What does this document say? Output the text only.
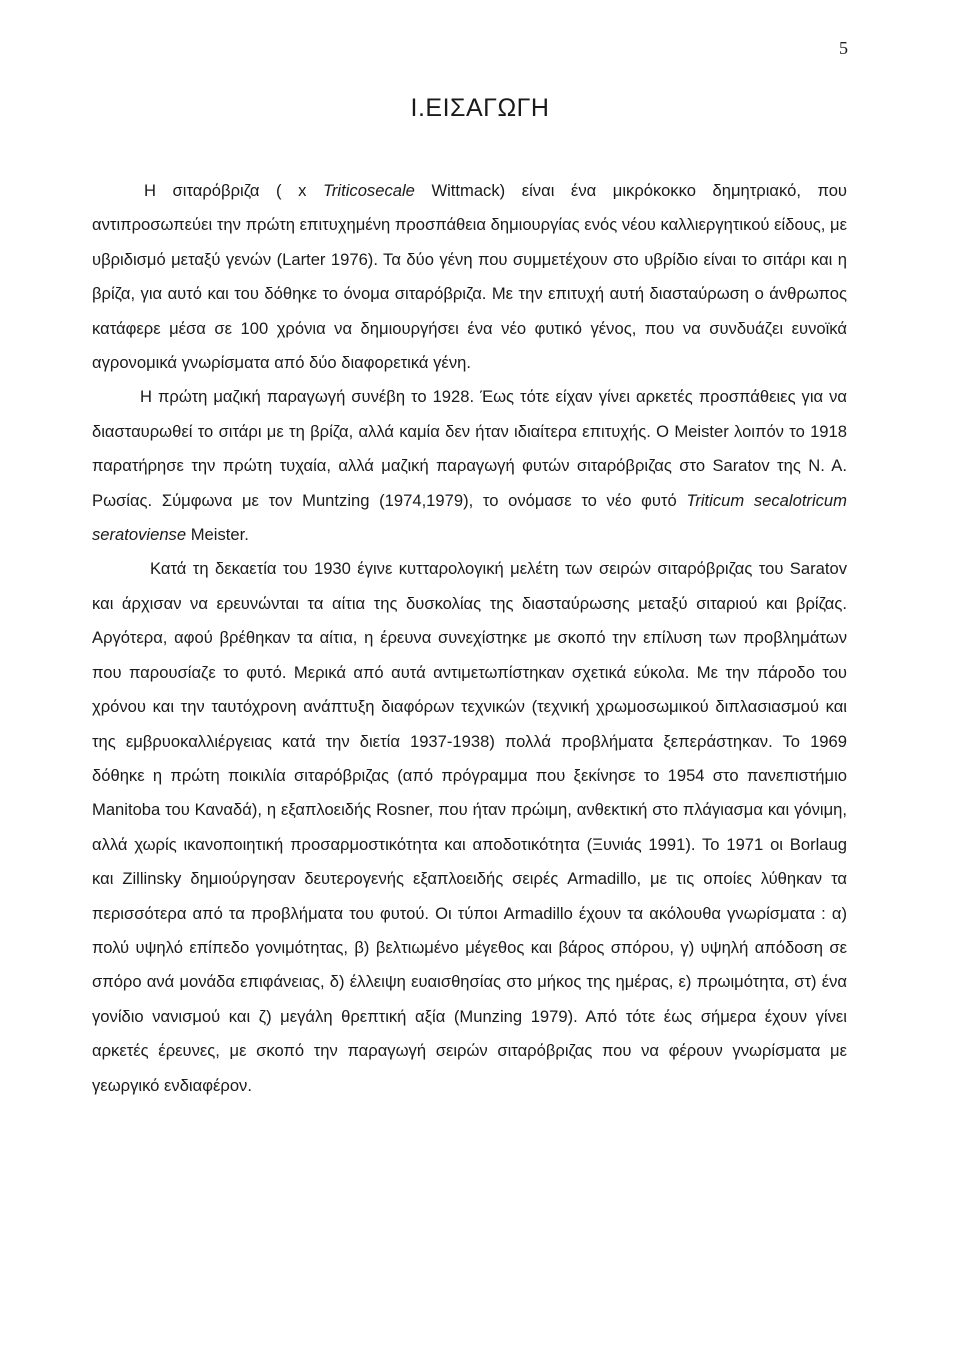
5
Ι.ΕΙΣΑΓΩΓΗ

Η σιταρόβριζα ( x Triticosecale Wittmack) είναι ένα μικρόκοκκο δημητριακό, που αντιπροσωπεύει την πρώτη επιτυχημένη προσπάθεια δημιουργίας ενός νέου καλλιεργητικού είδους, με υβριδισμό μεταξύ γενών (Larter 1976). Τα δύο γένη που συμμετέχουν στο υβρίδιο είναι το σιτάρι και η βρίζα, για αυτό και του δόθηκε το όνομα σιταρόβριζα. Με την επιτυχή αυτή διασταύρωση ο άνθρωπος κατάφερε μέσα σε 100 χρόνια να δημιουργήσει ένα νέο φυτικό γένος, που να συνδυάζει ευνοϊκά αγρονομικά γνωρίσματα από δύο διαφορετικά γένη.

Η πρώτη μαζική παραγωγή συνέβη το 1928. Έως τότε είχαν γίνει αρκετές προσπάθειες για να διασταυρωθεί το σιτάρι με τη βρίζα, αλλά καμία δεν ήταν ιδιαίτερα επιτυχής. Ο Meister λοιπόν το 1918 παρατήρησε την πρώτη τυχαία, αλλά μαζική παραγωγή φυτών σιταρόβριζας στο Saratov της Ν. Α. Ρωσίας. Σύμφωνα με τον Muntzing (1974,1979), το ονόμασε το νέο φυτό Triticum secalotricum seratoviense Meister.

Κατά τη δεκαετία του 1930 έγινε κυτταρολογική μελέτη των σειρών σιταρόβριζας του Saratov και άρχισαν να ερευνώνται τα αίτια της δυσκολίας της διασταύρωσης μεταξύ σιταριού και βρίζας. Αργότερα, αφού βρέθηκαν τα αίτια, η έρευνα συνεχίστηκε με σκοπό την επίλυση των προβλημάτων που παρουσίαζε το φυτό. Μερικά από αυτά αντιμετωπίστηκαν σχετικά εύκολα. Με την πάροδο του χρόνου και την ταυτόχρονη ανάπτυξη διαφόρων τεχνικών (τεχνική χρωμοσωμικού διπλασιασμού και της εμβρυοκαλλιέργειας κατά την διετία 1937-1938) πολλά προβλήματα ξεπεράστηκαν. Το 1969 δόθηκε η πρώτη ποικιλία σιταρόβριζας (από πρόγραμμα που ξεκίνησε το 1954 στο πανεπιστήμιο Manitoba του Καναδά), η εξαπλοειδής Rosner, που ήταν πρώιμη, ανθεκτική στο πλάγιασμα και γόνιμη, αλλά χωρίς ικανοποιητική προσαρμοστικότητα και αποδοτικότητα (Ξυνιάς 1991). Το 1971 οι Borlaug και Zillinsky δημιούργησαν δευτερογενής εξαπλοειδής σειρές Armadillo, με τις οποίες λύθηκαν τα περισσότερα από τα προβλήματα του φυτού. Οι τύποι Armadillo έχουν τα ακόλουθα γνωρίσματα : α) πολύ υψηλό επίπεδο γονιμότητας, β) βελτιωμένο μέγεθος και βάρος σπόρου, γ) υψηλή απόδοση σε σπόρο ανά μονάδα επιφάνειας, δ) έλλειψη ευαισθησίας στο μήκος της ημέρας, ε) πρωιμότητα, στ) ένα γονίδιο νανισμού και ζ) μεγάλη θρεπτική αξία (Munzing 1979). Από τότε έως σήμερα έχουν γίνει αρκετές έρευνες, με σκοπό την παραγωγή σειρών σιταρόβριζας που να φέρουν γνωρίσματα με γεωργικό ενδιαφέρον.
